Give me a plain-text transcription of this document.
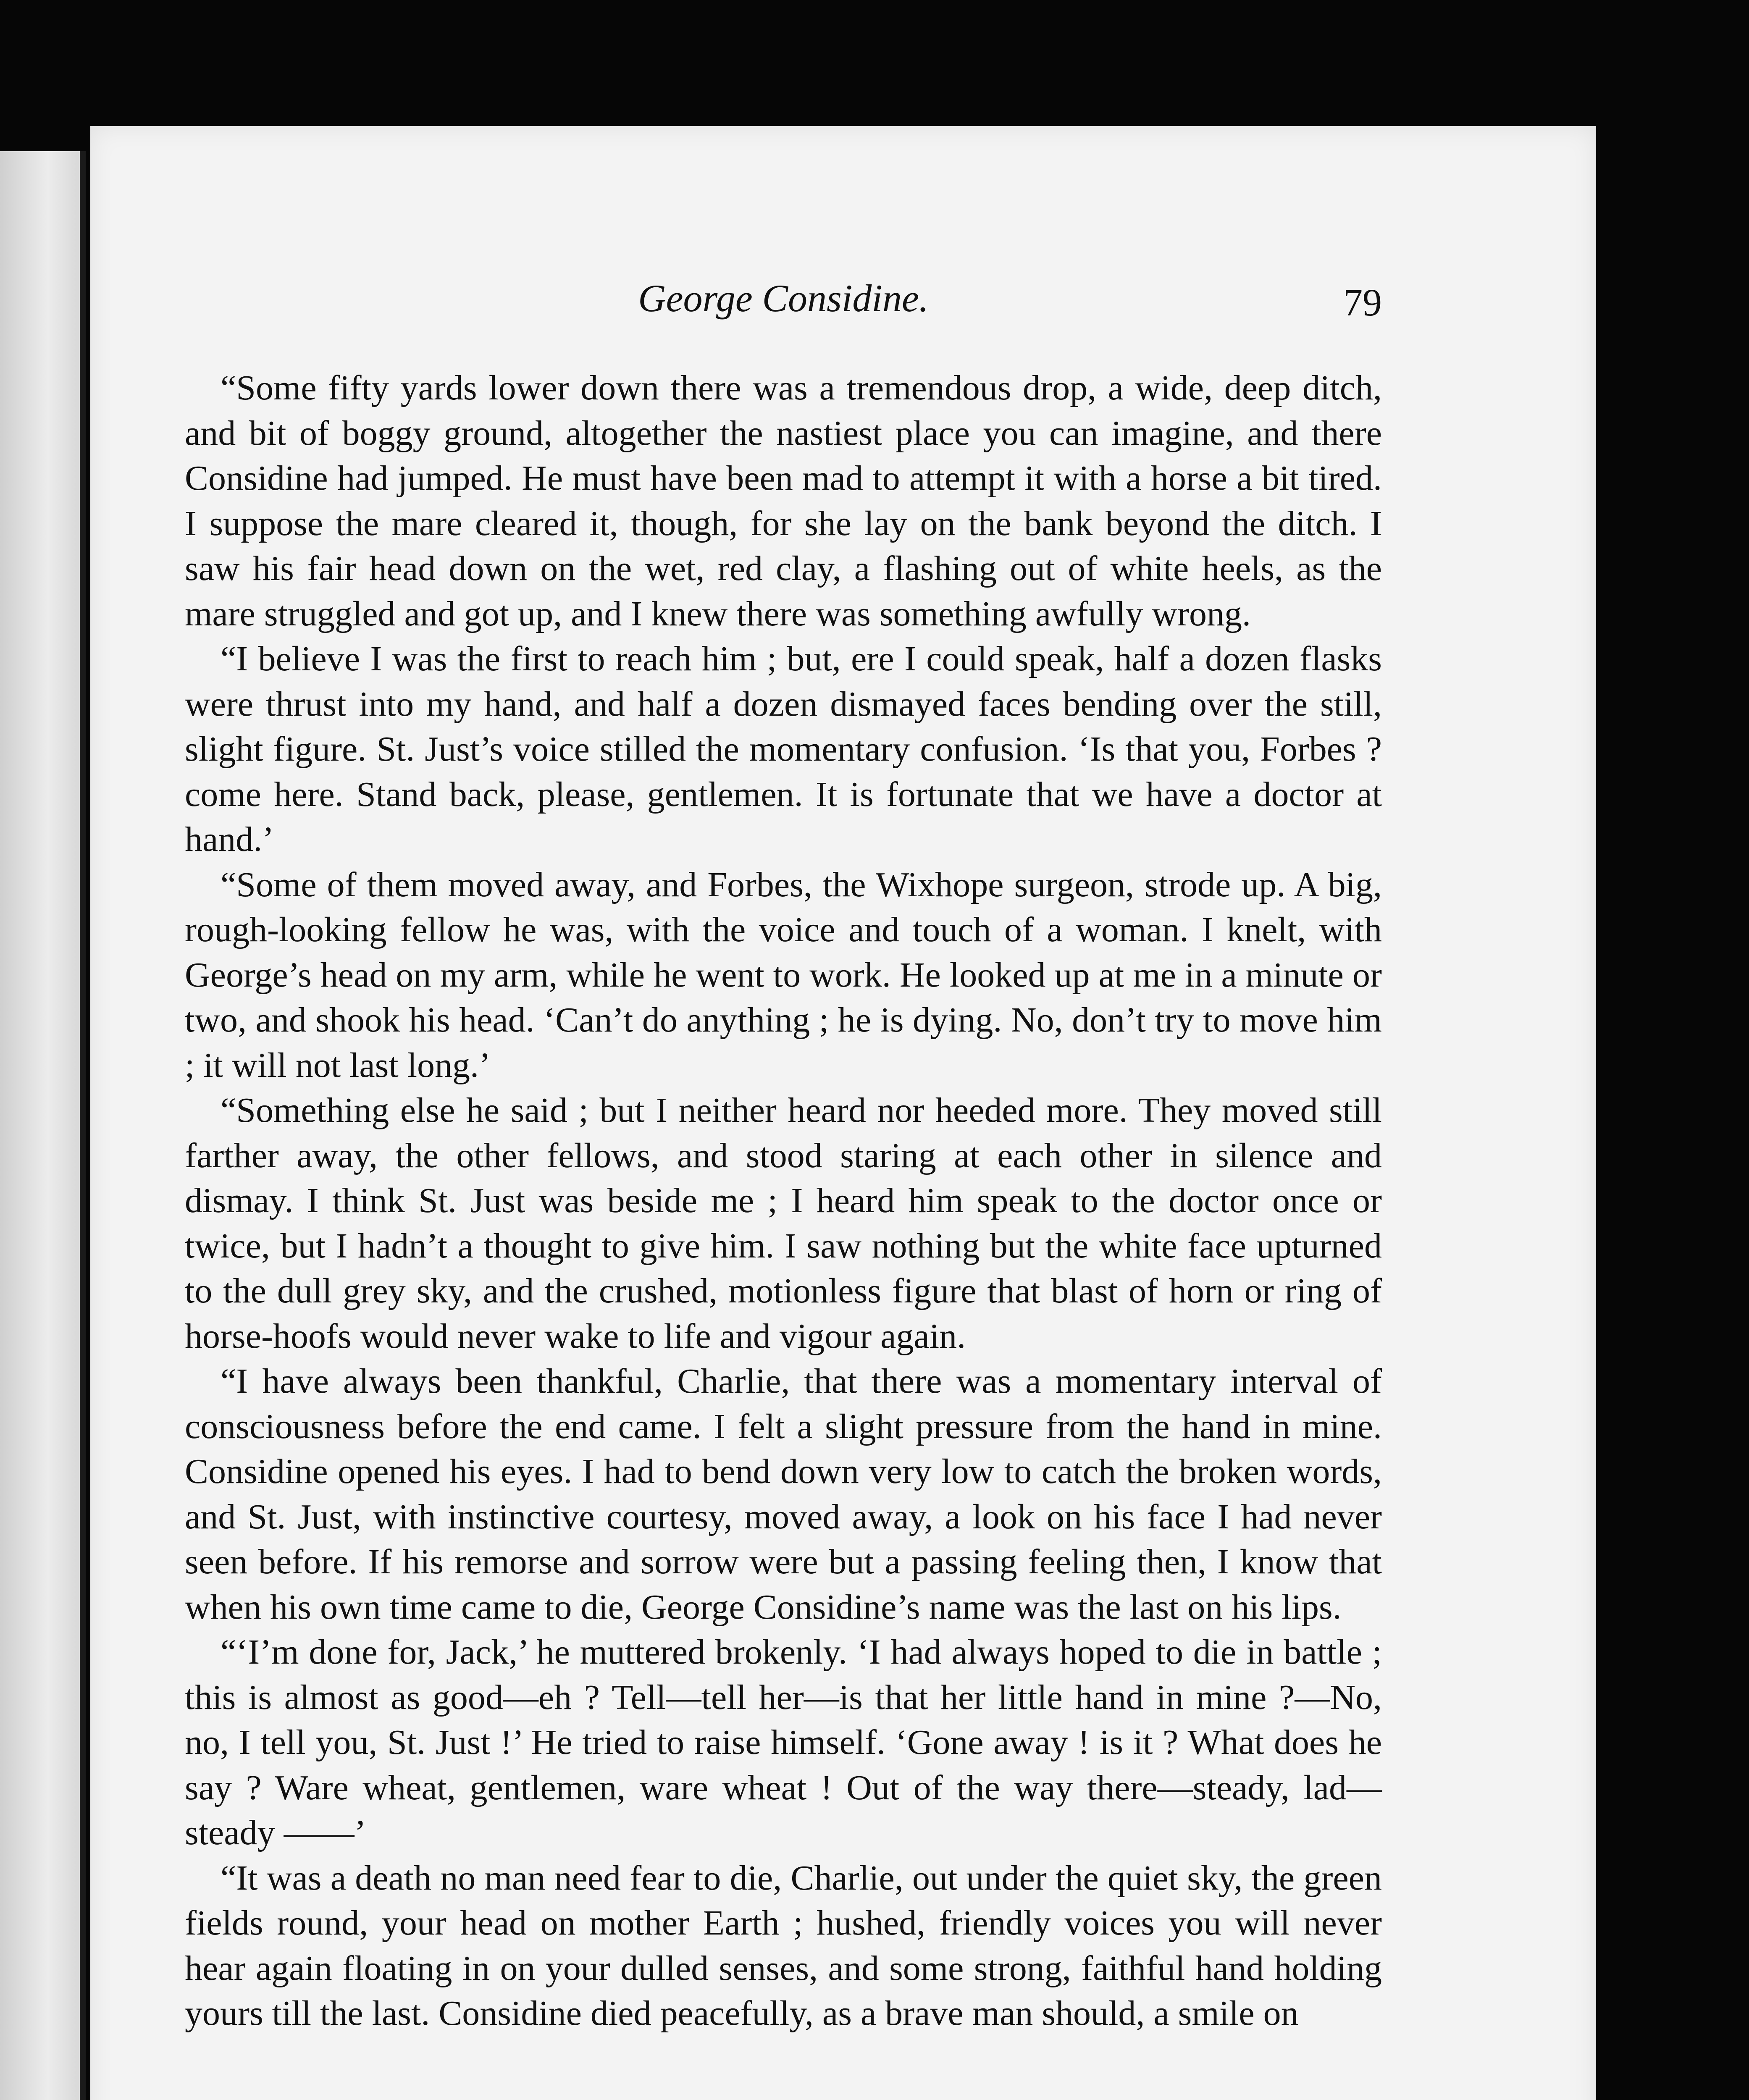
George Considine.	79

“Some fifty yards lower down there was a tremendous drop, a wide, deep ditch, and bit of boggy ground, altogether the nastiest place you can imagine, and there Considine had jumped. He must have been mad to attempt it with a horse a bit tired. I suppose the mare cleared it, though, for she lay on the bank beyond the ditch. I saw his fair head down on the wet, red clay, a flashing out of white heels, as the mare struggled and got up, and I knew there was something awfully wrong.

“I believe I was the first to reach him ; but, ere I could speak, half a dozen flasks were thrust into my hand, and half a dozen dismayed faces bending over the still, slight figure. St. Just’s voice stilled the momentary confusion. ‘Is that you, Forbes ? come here. Stand back, please, gentlemen. It is fortunate that we have a doctor at hand.’

“Some of them moved away, and Forbes, the Wixhope surgeon, strode up. A big, rough-looking fellow he was, with the voice and touch of a woman. I knelt, with George’s head on my arm, while he went to work. He looked up at me in a minute or two, and shook his head. ‘Can’t do anything ; he is dying. No, don’t try to move him ; it will not last long.’

“Something else he said ; but I neither heard nor heeded more. They moved still farther away, the other fellows, and stood staring at each other in silence and dismay. I think St. Just was beside me ; I heard him speak to the doctor once or twice, but I hadn’t a thought to give him. I saw nothing but the white face upturned to the dull grey sky, and the crushed, motionless figure that blast of horn or ring of horse-hoofs would never wake to life and vigour again.

“I have always been thankful, Charlie, that there was a momentary interval of consciousness before the end came. I felt a slight pressure from the hand in mine. Considine opened his eyes. I had to bend down very low to catch the broken words, and St. Just, with instinctive courtesy, moved away, a look on his face I had never seen before. If his remorse and sorrow were but a passing feeling then, I know that when his own time came to die, George Considine’s name was the last on his lips.

“‘I’m done for, Jack,’ he muttered brokenly. ‘I had always hoped to die in battle ; this is almost as good—eh ? Tell—tell her—is that her little hand in mine ?—No, no, I tell you, St. Just !’ He tried to raise himself. ‘Gone away ! is it ? What does he say ? Ware wheat, gentlemen, ware wheat ! Out of the way there—steady, lad—steady ——’

“It was a death no man need fear to die, Charlie, out under the quiet sky, the green fields round, your head on mother Earth ; hushed, friendly voices you will never hear again floating in on your dulled senses, and some strong, faithful hand holding yours till the last. Considine died peacefully, as a brave man should, a smile on
